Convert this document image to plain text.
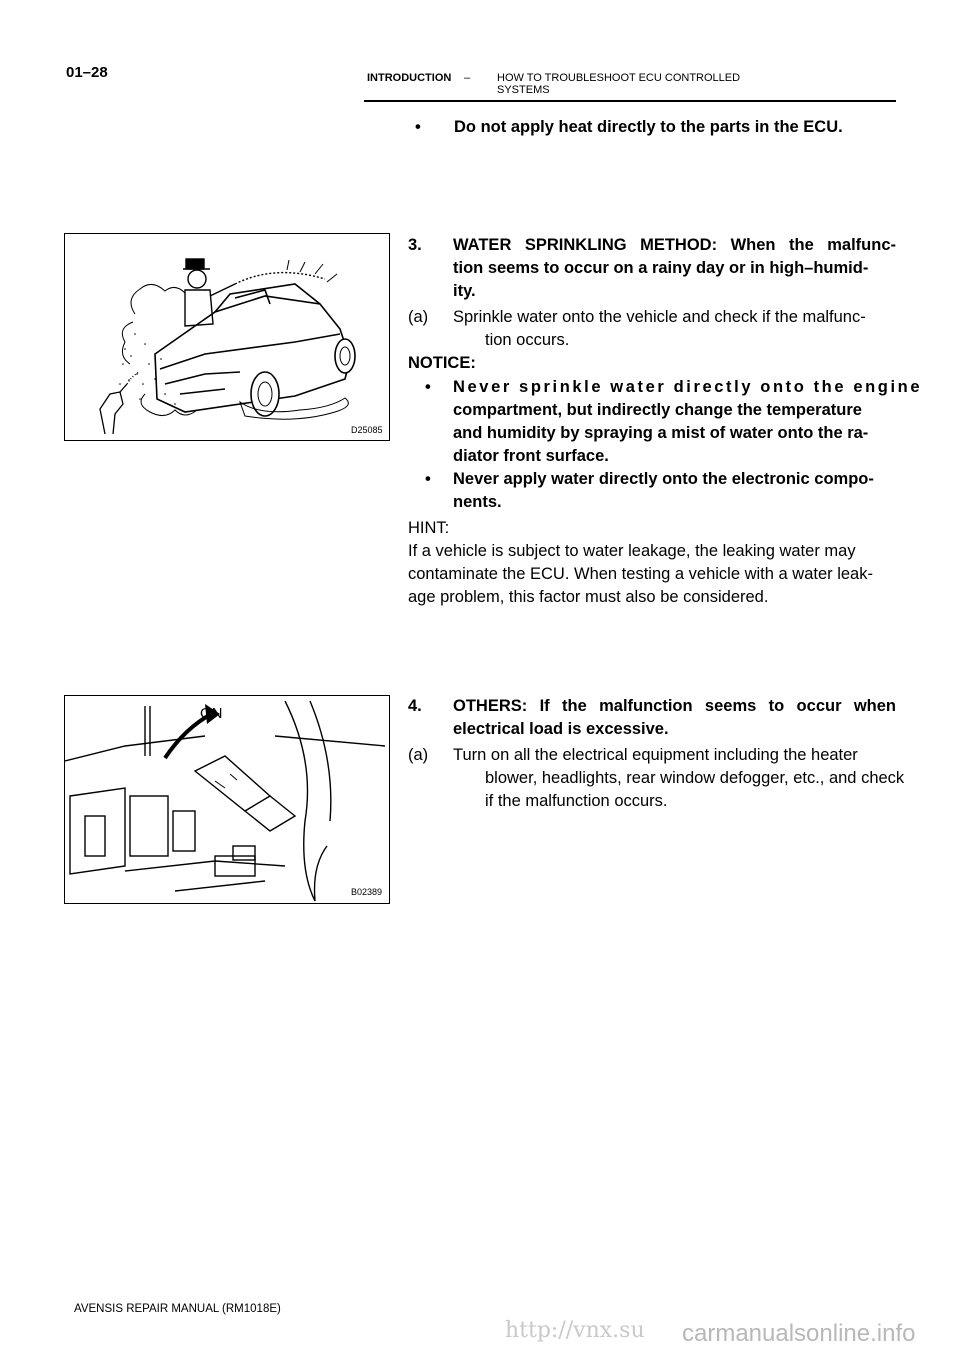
01–28	INTRODUCTION – HOW TO TROUBLESHOOT ECU CONTROLLED
SYSTEMS
• Do not apply heat directly to the parts in the ECU.
D25085
3. WATER SPRINKLING METHOD: When the malfunc-
tion seems to occur on a rainy day or in high–humid-
ity.
(a) Sprinkle water onto the vehicle and check if the malfunc-
tion occurs.
NOTICE:
• Never sprinkle water directly onto the engine
compartment, but indirectly change the temperature
and humidity by spraying a mist of water onto the ra-
diator front surface.
• Never apply water directly onto the electronic compo-
nents.
HINT:
If a vehicle is subject to water leakage, the leaking water may
contaminate the ECU. When testing a vehicle with a water leak-
age problem, this factor must also be considered.
ON
B02389
4. OTHERS: If the malfunction seems to occur when
electrical load is excessive.
(a) Turn on all the electrical equipment including the heater
blower, headlights, rear window defogger, etc., and check
if the malfunction occurs.
AVENSIS REPAIR MANUAL (RM1018E)
http://vnx.su carmanualsonline.info
